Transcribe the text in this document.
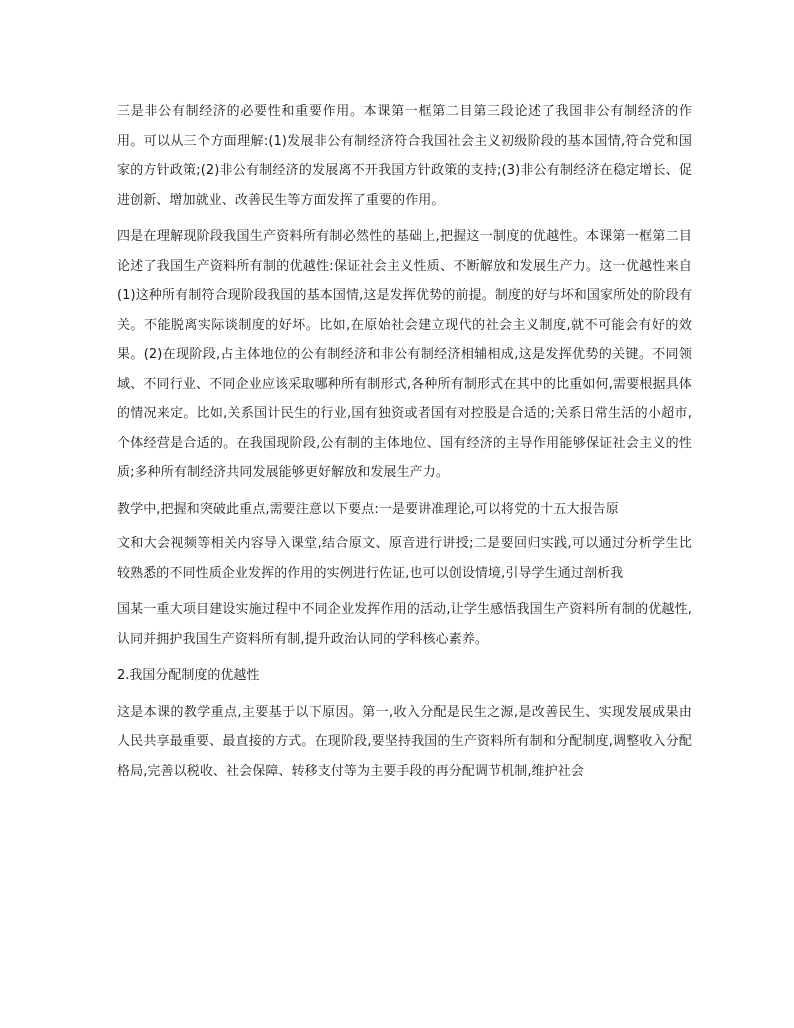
三是非公有制经济的必要性和重要作用。本课第一框第二目第三段论述了我国非公有制经济的作用。可以从三个方面理解:(1)发展非公有制经济符合我国社会主义初级阶段的基本国情,符合党和国家的方针政策;(2)非公有制经济的发展离不开我国方针政策的支持;(3)非公有制经济在稳定增长、促进创新、增加就业、改善民生等方面发挥了重要的作用。

四是在理解现阶段我国生产资料所有制必然性的基础上,把握这一制度的优越性。本课第一框第二目论述了我国生产资料所有制的优越性:保证社会主义性质、不断解放和发展生产力。这一优越性来自(1)这种所有制符合现阶段我国的基本国情,这是发挥优势的前提。制度的好与坏和国家所处的阶段有关。不能脱离实际谈制度的好坏。比如,在原始社会建立现代的社会主义制度,就不可能会有好的效果。(2)在现阶段,占主体地位的公有制经济和非公有制经济相辅相成,这是发挥优势的关键。不同领域、不同行业、不同企业应该采取哪种所有制形式,各种所有制形式在其中的比重如何,需要根据具体的情况来定。比如,关系国计民生的行业,国有独资或者国有对控股是合适的;关系日常生活的小超市,个体经营是合适的。在我国现阶段,公有制的主体地位、国有经济的主导作用能够保证社会主义的性质;多种所有制经济共同发展能够更好解放和发展生产力。

教学中,把握和突破此重点,需要注意以下要点:一是要讲准理论,可以将党的十五大报告原

文和大会视频等相关内容导入课堂,结合原文、原音进行讲授;二是要回归实践,可以通过分析学生比较熟悉的不同性质企业发挥的作用的实例进行佐证,也可以创设情境,引导学生通过剖析我

国某一重大项目建设实施过程中不同企业发挥作用的活动,让学生感悟我国生产资料所有制的优越性,认同并拥护我国生产资料所有制,提升政治认同的学科核心素养。

2.我国分配制度的优越性

这是本课的教学重点,主要基于以下原因。第一,收入分配是民生之源,是改善民生、实现发展成果由人民共享最重要、最直接的方式。在现阶段,要坚持我国的生产资料所有制和分配制度,调整收入分配格局,完善以税收、社会保障、转移支付等为主要手段的再分配调节机制,维护社会
